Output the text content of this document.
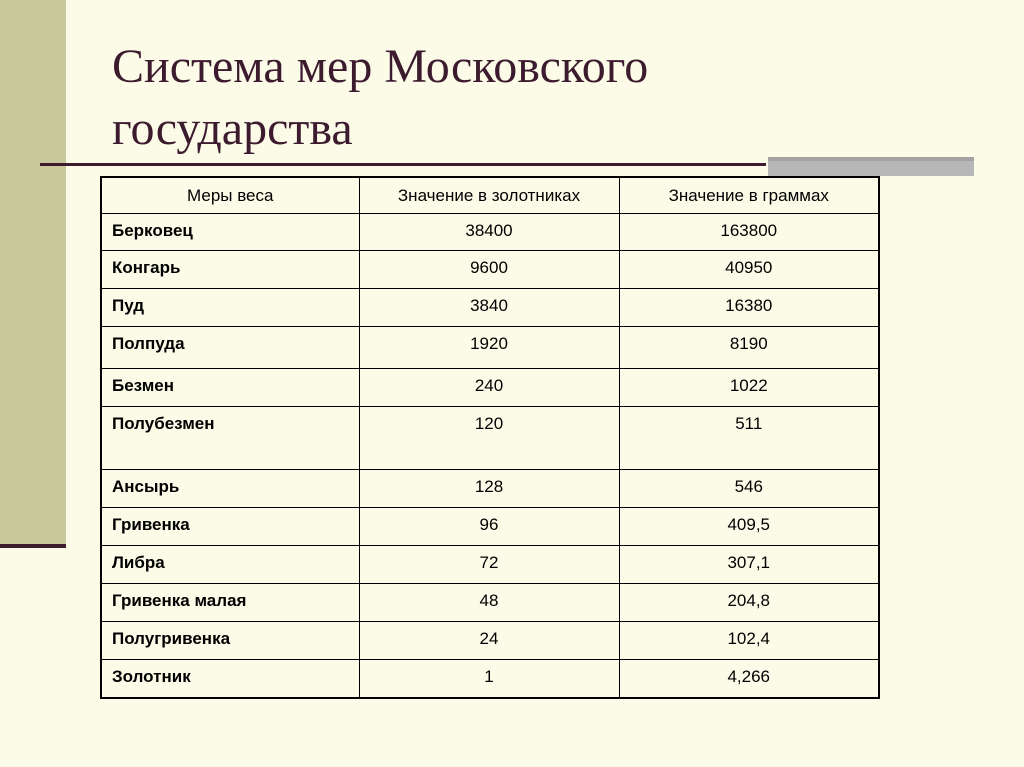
Система мер Московского
государства
Меры веса	Значение в золотниках	Значение в граммах
Берковец	38400	163800
Конгарь	9600	40950
Пуд	3840	16380
Полпуда	1920	8190
Безмен	240	1022
Полубезмен	120	511
Ансырь	128	546
Гривенка	96	409,5
Либра	72	307,1
Гривенка малая	48	204,8
Полугривенка	24	102,4
Золотник	1	4,266
